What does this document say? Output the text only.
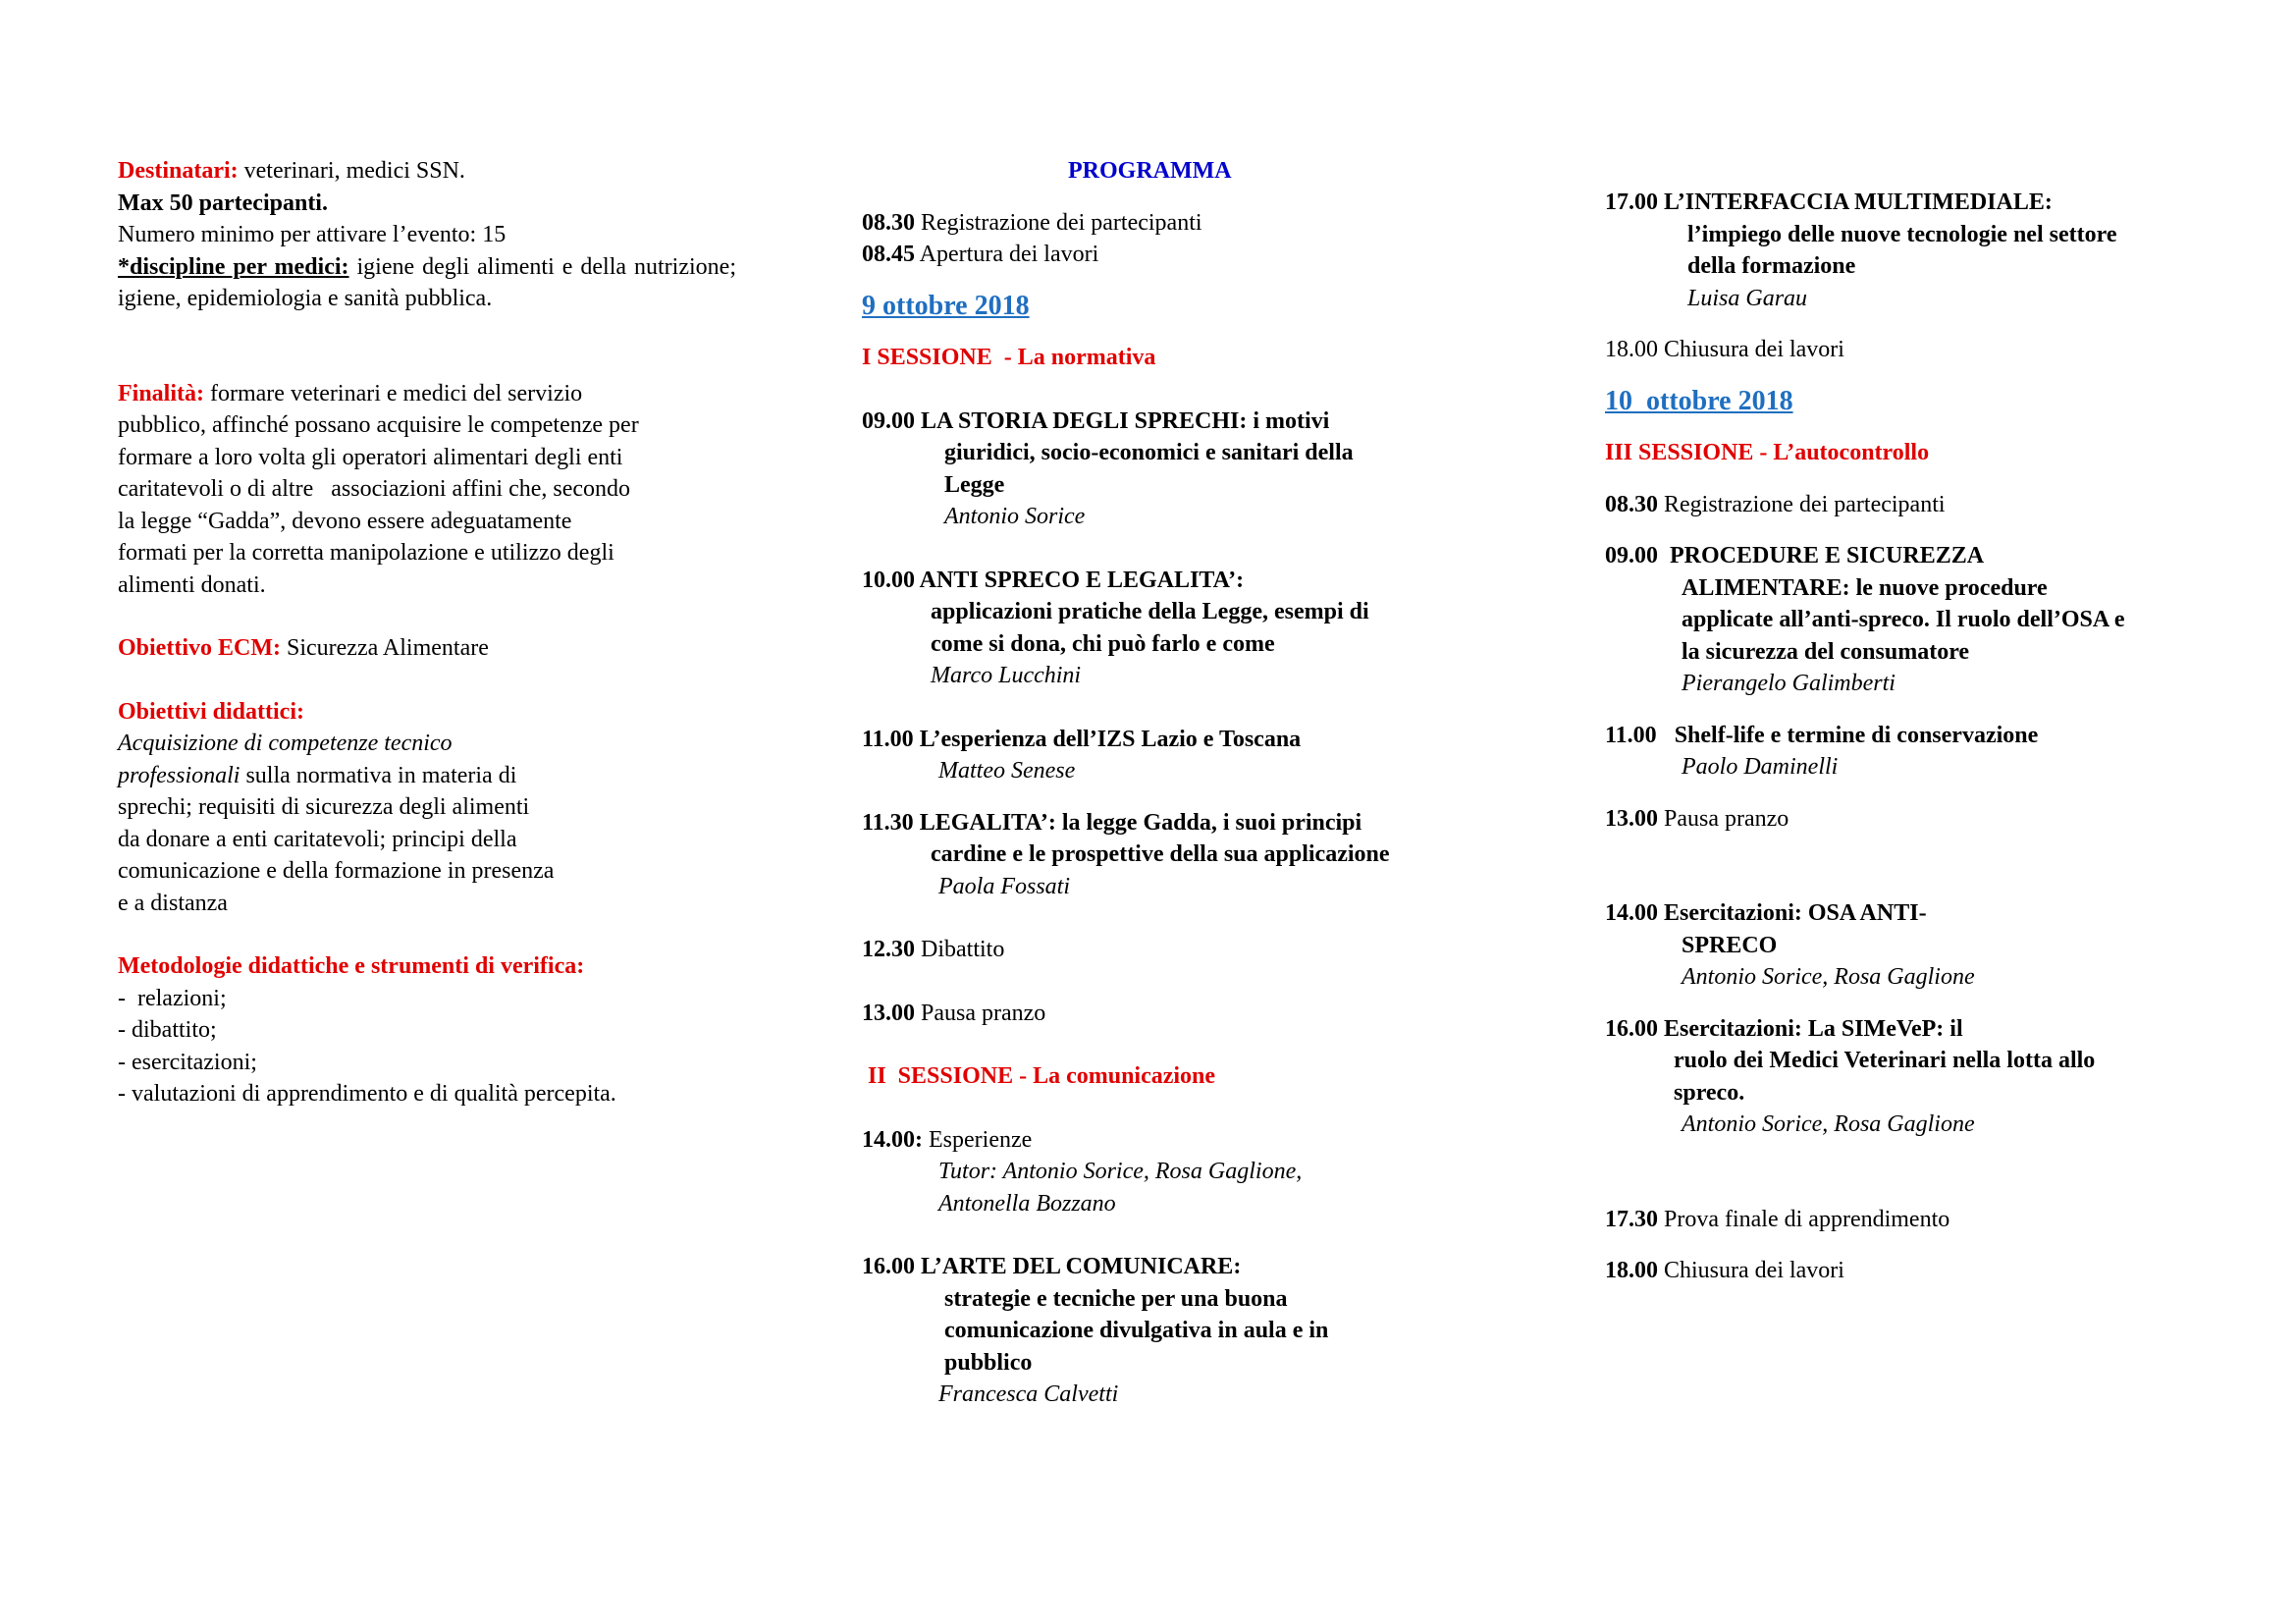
Destinatari: veterinari, medici SSN.

Max 50 partecipanti.

Numero minimo per attivare l’evento: 15

*discipline per medici: igiene degli alimenti e della nutrizione; igiene, epidemiologia e sanità pubblica.

Finalità: formare veterinari e medici del servizio

pubblico, affinché possano acquisire le competenze per

formare a loro volta gli operatori alimentari degli enti

caritatevoli o di altre   associazioni affini che, secondo

la legge “Gadda”, devono essere adeguatamente

formati per la corretta manipolazione e utilizzo degli

alimenti donati.

Obiettivo ECM: Sicurezza Alimentare

Obiettivi didattici:

Acquisizione di competenze tecnico

professionali sulla normativa in materia di

sprechi; requisiti di sicurezza degli alimenti

da donare a enti caritatevoli; principi della

comunicazione e della formazione in presenza

e a distanza

Metodologie didattiche e strumenti di verifica:

-  relazioni;

- dibattito;

- esercitazioni;

- valutazioni di apprendimento e di qualità percepita.

PROGRAMMA

08.30 Registrazione dei partecipanti

08.45 Apertura dei lavori

9 ottobre 2018

I SESSIONE  - La normativa

09.00 LA STORIA DEGLI SPRECHI: i motivi

giuridici, socio-economici e sanitari della

Legge

Antonio Sorice

10.00 ANTI SPRECO E LEGALITA’:

applicazioni pratiche della Legge, esempi di

come si dona, chi può farlo e come

Marco Lucchini

11.00 L’esperienza dell’IZS Lazio e Toscana

Matteo Senese

11.30 LEGALITA’: la legge Gadda, i suoi principi

cardine e le prospettive della sua applicazione

Paola Fossati

12.30 Dibattito

13.00 Pausa pranzo

II  SESSIONE - La comunicazione

14.00: Esperienze

Tutor: Antonio Sorice, Rosa Gaglione,

Antonella Bozzano

16.00 L’ARTE DEL COMUNICARE:

strategie e tecniche per una buona

comunicazione divulgativa in aula e in

pubblico

Francesca Calvetti

17.00 L’INTERFACCIA MULTIMEDIALE:

l’impiego delle nuove tecnologie nel settore

della formazione

Luisa Garau

18.00 Chiusura dei lavori

10  ottobre 2018

III SESSIONE - L’autocontrollo

08.30 Registrazione dei partecipanti

09.00  PROCEDURE E SICUREZZA

ALIMENTARE: le nuove procedure

applicate all’anti-spreco. Il ruolo dell’OSA e

la sicurezza del consumatore

Pierangelo Galimberti

11.00   Shelf-life e termine di conservazione

Paolo Daminelli

13.00 Pausa pranzo

14.00 Esercitazioni: OSA ANTI-

SPRECO

Antonio Sorice, Rosa Gaglione

16.00 Esercitazioni: La SIMeVeP: il

ruolo dei Medici Veterinari nella lotta allo

spreco.

Antonio Sorice, Rosa Gaglione

17.30 Prova finale di apprendimento

18.00 Chiusura dei lavori
